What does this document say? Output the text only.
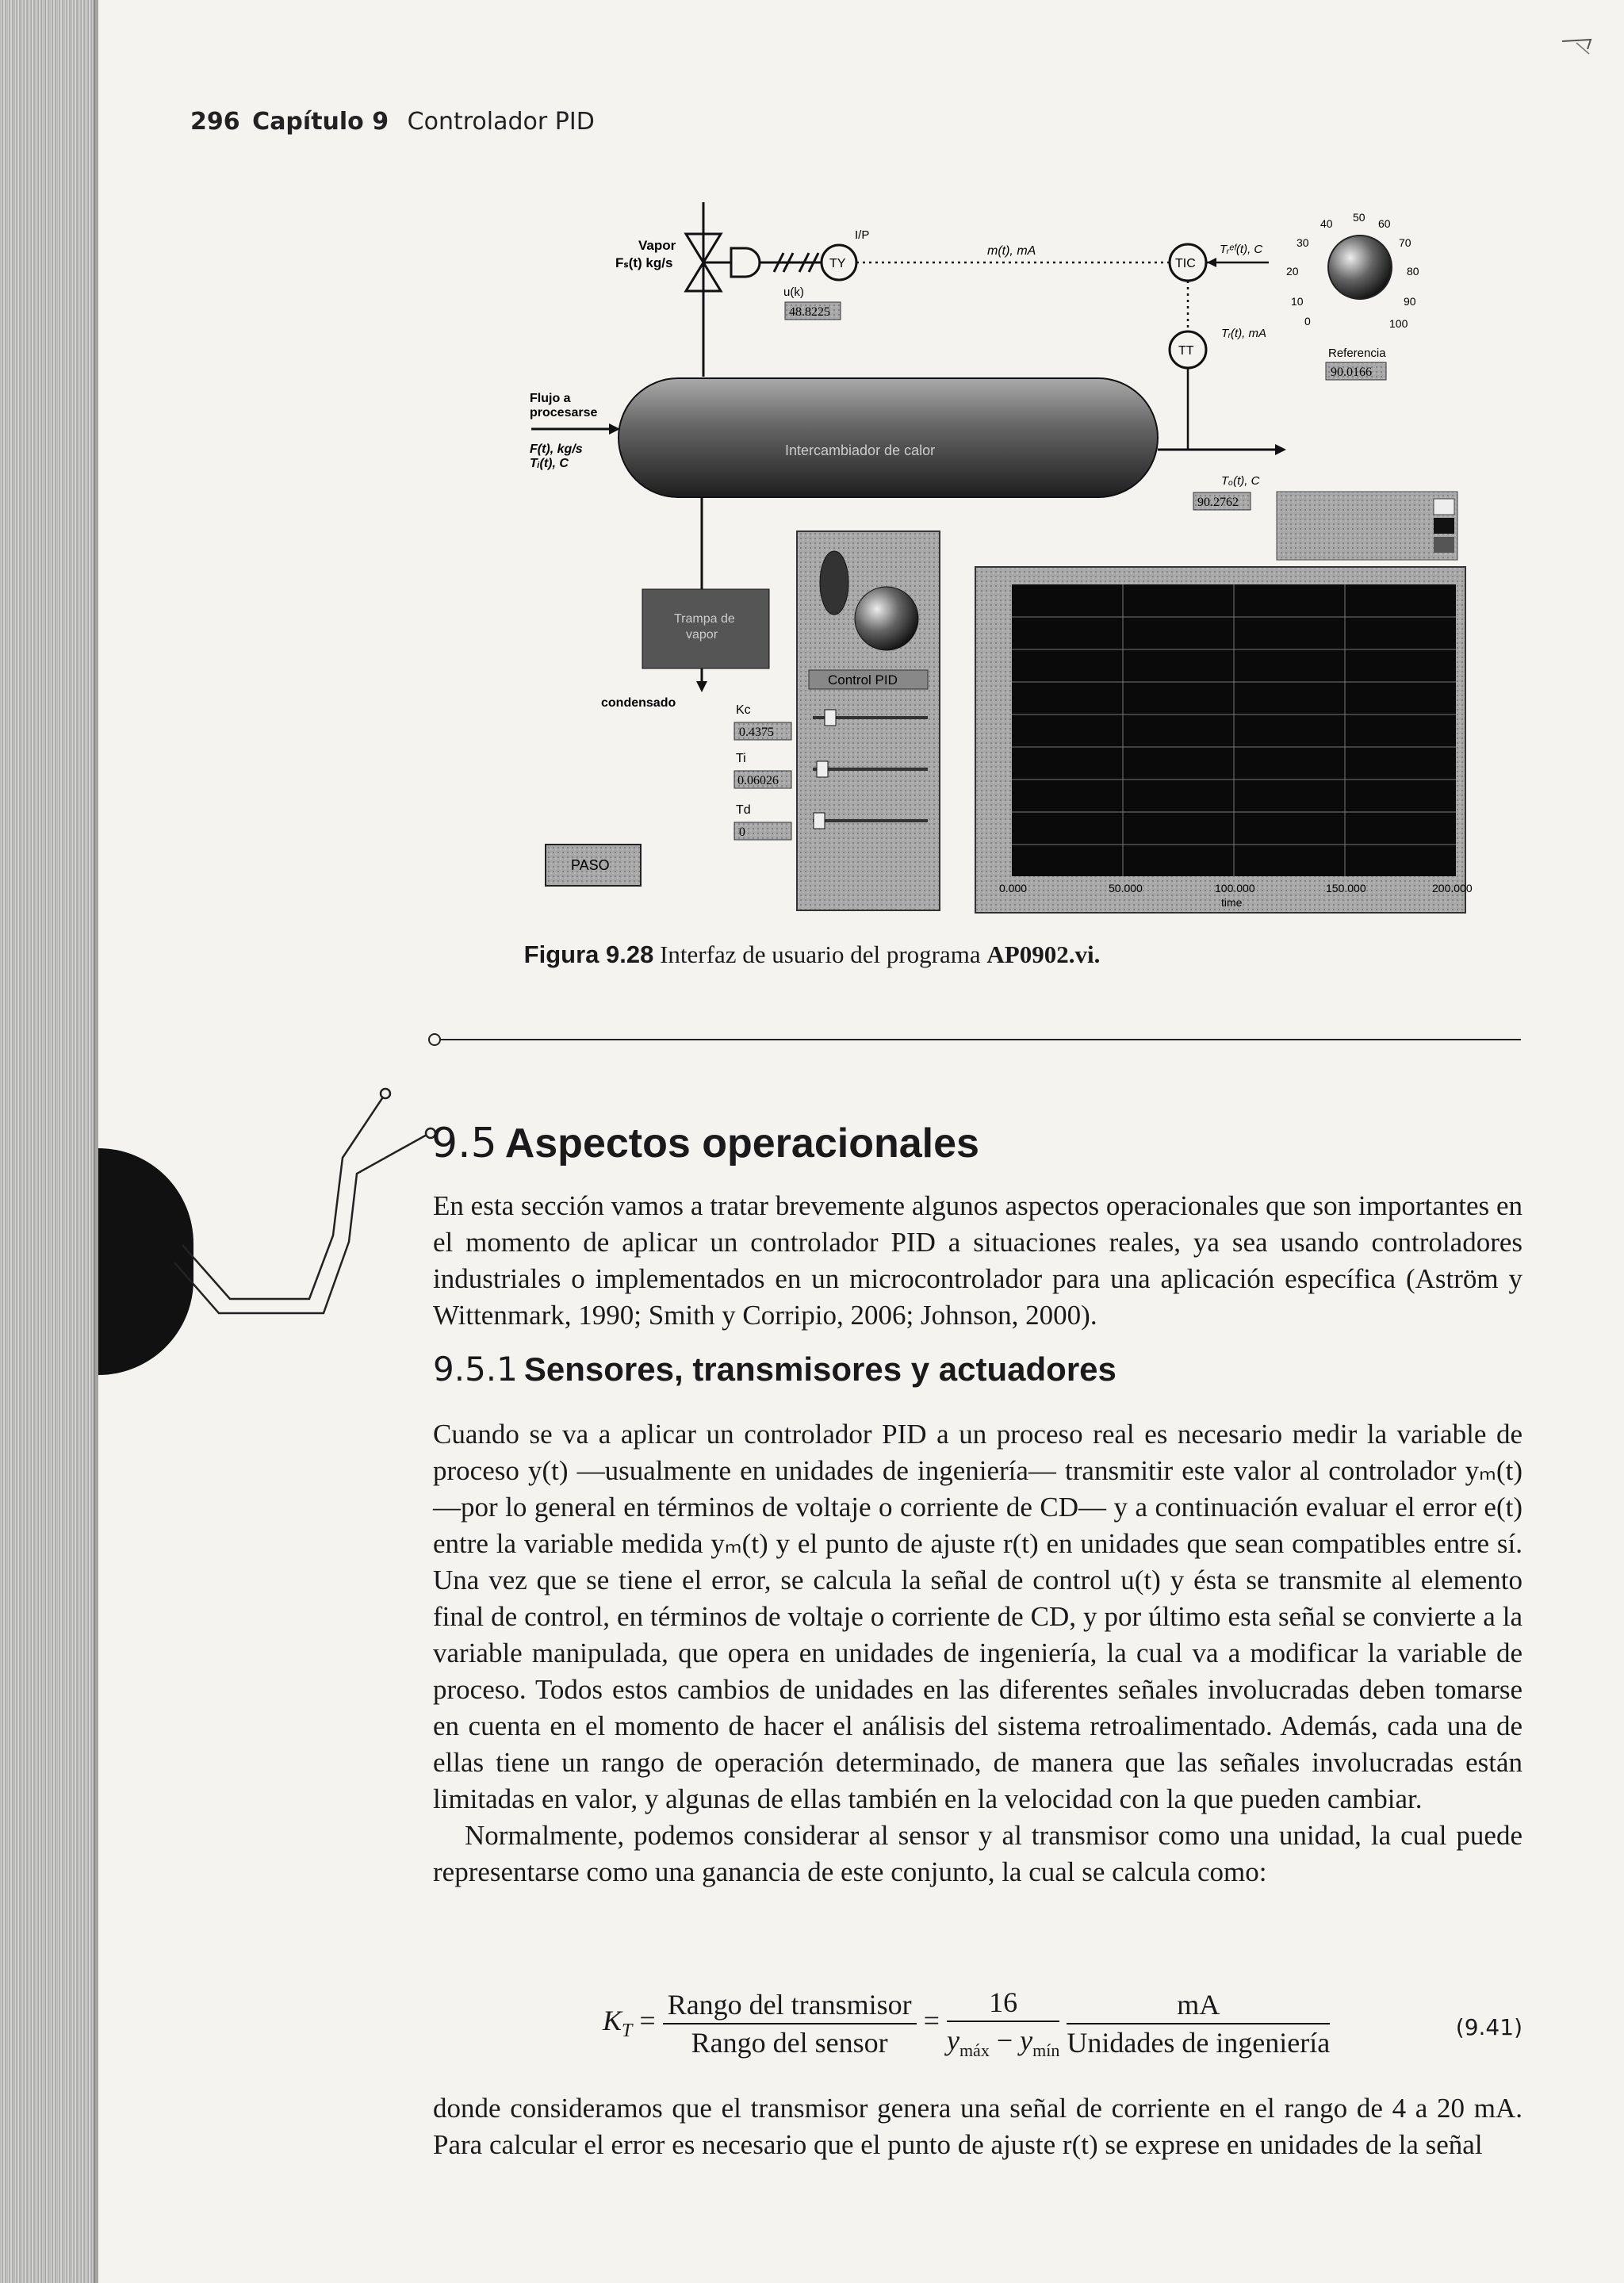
296 Capítulo 9 Controlador PID
Vapor
Fₛ(t) kg/s	TY
I/P
u(k)
48.8225
m(t), mA
TIC
Tᵣᵉᶠ(t), C
Tᵣ(t), mA
TT
0
10
20
30
40 50 60
70
80
90
100
Referencia
90.0166
Flujo a
procesarse
F(t), kg/s
Tᵢ(t), C
Intercambiador de calor
Tₒ(t), C
90.2762
Trampa de
vapor
condensado
Kc
0.4375
Ti
0.06026
Td
0
PASO
Control PID
0.000	50.000	100.000	150.000	200.000
time
Figura 9.28 Interfaz de usuario del programa AP0902.vi.
9.5 Aspectos operacionales

En esta sección vamos a tratar brevemente algunos aspectos operacionales que son importantes en el momento de aplicar un controlador PID a situaciones reales, ya sea usando controladores industriales o implementados en un microcontrolador para una aplicación específica (Aström y Wittenmark, 1990; Smith y Corripio, 2006; Johnson, 2000).

9.5.1 Sensores, transmisores y actuadores

Cuando se va a aplicar un controlador PID a un proceso real es necesario medir la variable de proceso y(t) —usualmente en unidades de ingeniería— transmitir este valor al controlador yₘ(t) —por lo general en términos de voltaje o corriente de CD— y a continuación evaluar el error e(t) entre la variable medida yₘ(t) y el punto de ajuste r(t) en unidades que sean compatibles entre sí. Una vez que se tiene el error, se calcula la señal de control u(t) y ésta se transmite al elemento final de control, en términos de voltaje o corriente de CD, y por último esta señal se convierte a la variable manipulada, que opera en unidades de ingeniería, la cual va a modificar la variable de proceso. Todos estos cambios de unidades en las diferentes señales involucradas deben tomarse en cuenta en el momento de hacer el análisis del sistema retroalimentado. Además, cada una de ellas tiene un rango de operación determinado, de manera que las señales involucradas están limitadas en valor, y algunas de ellas también en la velocidad con la que pueden cambiar.

Normalmente, podemos considerar al sensor y al transmisor como una unidad, la cual puede representarse como una ganancia de este conjunto, la cual se calcula como:

$K_T = \frac{\text{Rango del transmisor}}{\text{Rango del sensor}} = \frac{16}{y_{máx} - y_{mín}}$
$\frac{mA}{\text{Unidades de ingeniería}}$	(9.41)

donde consideramos que el transmisor genera una señal de corriente en el rango de 4 a 20 mA. Para calcular el error es necesario que el punto de ajuste r(t) se exprese en unidades de la señal
